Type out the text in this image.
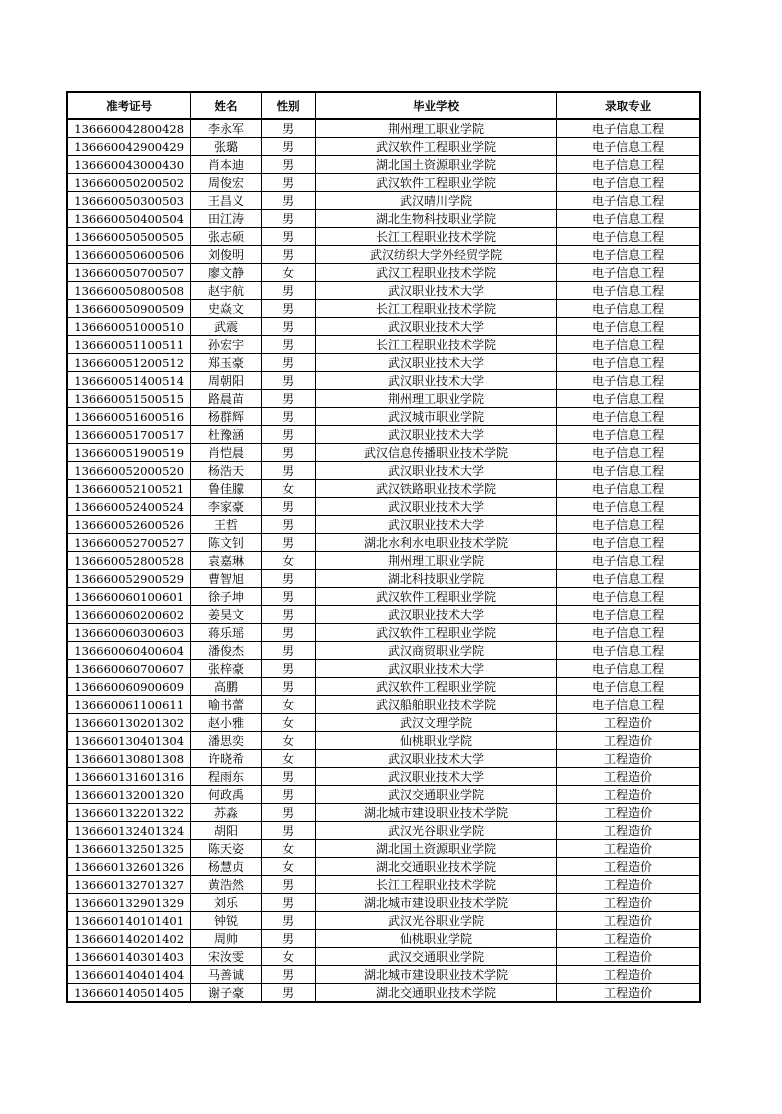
准考证号	姓名	性别	毕业学校	录取专业
136660042800428	李永军	男	荆州理工职业学院	电子信息工程
136660042900429	张璐	男	武汉软件工程职业学院	电子信息工程
136660043000430	肖本迪	男	湖北国土资源职业学院	电子信息工程
136660050200502	周俊宏	男	武汉软件工程职业学院	电子信息工程
136660050300503	王昌义	男	武汉晴川学院	电子信息工程
136660050400504	田江涛	男	湖北生物科技职业学院	电子信息工程
136660050500505	张志硕	男	长江工程职业技术学院	电子信息工程
136660050600506	刘俊明	男	武汉纺织大学外经贸学院	电子信息工程
136660050700507	廖文静	女	武汉工程职业技术学院	电子信息工程
136660050800508	赵宇航	男	武汉职业技术大学	电子信息工程
136660050900509	史焱文	男	长江工程职业技术学院	电子信息工程
136660051000510	武震	男	武汉职业技术大学	电子信息工程
136660051100511	孙宏宇	男	长江工程职业技术学院	电子信息工程
136660051200512	郑玉豪	男	武汉职业技术大学	电子信息工程
136660051400514	周朝阳	男	武汉职业技术大学	电子信息工程
136660051500515	路晨苗	男	荆州理工职业学院	电子信息工程
136660051600516	杨群辉	男	武汉城市职业学院	电子信息工程
136660051700517	杜豫涵	男	武汉职业技术大学	电子信息工程
136660051900519	肖恺晨	男	武汉信息传播职业技术学院	电子信息工程
136660052000520	杨浩天	男	武汉职业技术大学	电子信息工程
136660052100521	鲁佳朦	女	武汉铁路职业技术学院	电子信息工程
136660052400524	李家豪	男	武汉职业技术大学	电子信息工程
136660052600526	王哲	男	武汉职业技术大学	电子信息工程
136660052700527	陈文钊	男	湖北水利水电职业技术学院	电子信息工程
136660052800528	袁嘉琳	女	荆州理工职业学院	电子信息工程
136660052900529	曹智旭	男	湖北科技职业学院	电子信息工程
136660060100601	徐子坤	男	武汉软件工程职业学院	电子信息工程
136660060200602	姜昊文	男	武汉职业技术大学	电子信息工程
136660060300603	蒋乐瑶	男	武汉软件工程职业学院	电子信息工程
136660060400604	潘俊杰	男	武汉商贸职业学院	电子信息工程
136660060700607	张梓豪	男	武汉职业技术大学	电子信息工程
136660060900609	高鹏	男	武汉软件工程职业学院	电子信息工程
136660061100611	喻书蕾	女	武汉船舶职业技术学院	电子信息工程
136660130201302	赵小雅	女	武汉文理学院	工程造价
136660130401304	潘思奕	女	仙桃职业学院	工程造价
136660130801308	许晓希	女	武汉职业技术大学	工程造价
136660131601316	程雨东	男	武汉职业技术大学	工程造价
136660132001320	何政禹	男	武汉交通职业学院	工程造价
136660132201322	苏淼	男	湖北城市建设职业技术学院	工程造价
136660132401324	胡阳	男	武汉光谷职业学院	工程造价
136660132501325	陈天姿	女	湖北国土资源职业学院	工程造价
136660132601326	杨慧贞	女	湖北交通职业技术学院	工程造价
136660132701327	黄浩然	男	长江工程职业技术学院	工程造价
136660132901329	刘乐	男	湖北城市建设职业技术学院	工程造价
136660140101401	钟锐	男	武汉光谷职业学院	工程造价
136660140201402	周帅	男	仙桃职业学院	工程造价
136660140301403	宋汝雯	女	武汉交通职业学院	工程造价
136660140401404	马善诚	男	湖北城市建设职业技术学院	工程造价
136660140501405	谢子豪	男	湖北交通职业技术学院	工程造价
